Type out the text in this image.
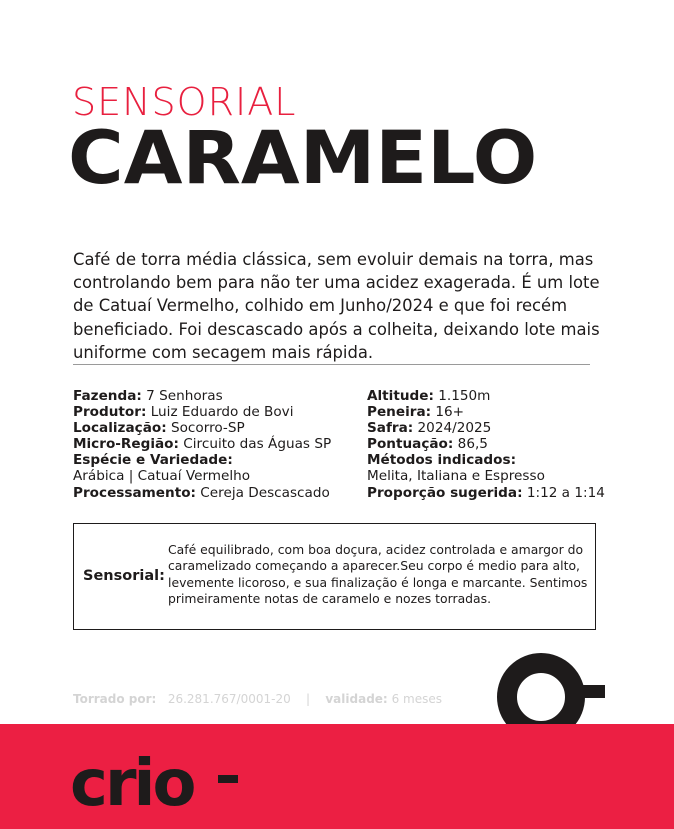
SENSORIAL
CARAMELO

Café de torra média clássica, sem evoluir demais na torra, mas controlando bem para não ter uma acidez exagerada. É um lote de Catuaí Vermelho, colhido em Junho/2024 e que foi recém beneficiado. Foi descascado após a colheita, deixando lote mais uniforme com secagem mais rápida.

Fazenda: 7 Senhoras
Produtor: Luiz Eduardo de Bovi
Localização: Socorro-SP
Micro-Região: Circuito das Águas SP
Espécie e Variedade:
Arábica | Catuaí Vermelho
Processamento: Cereja Descascado
Altitude: 1.150m
Peneira: 16+
Safra: 2024/2025
Pontuação: 86,5
Métodos indicados:
Melita, Italiana e Espresso
Proporção sugerida: 1:12 a 1:14
Sensorial:

Café equilibrado, com boa doçura, acidez controlada e amargor do caramelizado começando a aparecer.Seu corpo é medio para alto, levemente licoroso, e sua finalização é longa e marcante. Sentimos primeiramente notas de caramelo e nozes torradas.

Torrado por: 26.281.767/0001-20 | validade: 6 meses
crio
